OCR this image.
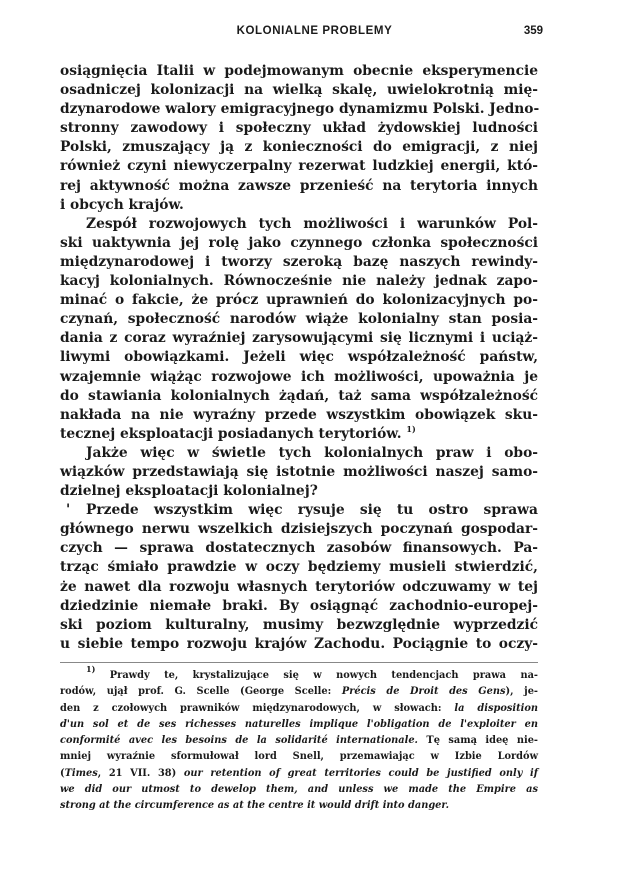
KOLONIALNE PROBLEMY	359
osiągnięcia Italii w podejmowanym obecnie eksperymencie
osadniczej kolonizacji na wielką skalę, uwielokrotnią mię-
dzynarodowe walory emigracyjnego dynamizmu Polski. Jedno-
stronny zawodowy i społeczny układ żydowskiej ludności
Polski, zmuszający ją z konieczności do emigracji, z niej
również czyni niewyczerpalny rezerwat ludzkiej energii, któ-
rej aktywność można zawsze przenieść na terytoria innych
i obcych krajów.
Zespół rozwojowych tych możliwości i warunków Pol-
ski uaktywnia jej rolę jako czynnego członka społeczności
międzynarodowej i tworzy szeroką bazę naszych rewindy-
kacyj kolonialnych. Równocześnie nie należy jednak zapo-
minać o fakcie, że prócz uprawnień do kolonizacyjnych po-
czynań, społeczność narodów wiąże kolonialny stan posia-
dania z coraz wyraźniej zarysowującymi się licznymi i uciąż-
liwymi obowiązkami. Jeżeli więc współzależność państw,
wzajemnie wiążąc rozwojowe ich możliwości, upoważnia je
do stawiania kolonialnych żądań, taż sama współzależność
nakłada na nie wyraźny przede wszystkim obowiązek sku-
tecznej eksploatacji posiadanych terytoriów. $^{1)}$
Jakże więc w świetle tych kolonialnych praw i obo-
wiązków przedstawiają się istotnie możliwości naszej samo-
dzielnej eksploatacji kolonialnej?
' Przede wszystkim więc rysuje się tu ostro sprawa
głównego nerwu wszelkich dzisiejszych poczynań gospodar-
czych — sprawa dostatecznych zasobów finansowych. Pa-
trząc śmiało prawdzie w oczy będziemy musieli stwierdzić,
że nawet dla rozwoju własnych terytoriów odczuwamy w tej
dziedzinie niemałe braki. By osiągnąć zachodnio-europej-
ski poziom kulturalny, musimy bezwzględnie wyprzedzić
u siebie tempo rozwoju krajów Zachodu. Pociągnie to oczy-
$^{1)}$ Prawdy te, krystalizujące się w nowych tendencjach prawa na-
rodów, ujął prof. G. Scelle (George Scelle: Précis de Droit des Gens), je-
den z czołowych prawników międzynarodowych, w słowach: la disposition
d'un sol et de ses richesses naturelles implique l'obligation de l'exploiter en
conformité avec les besoins de la solidarité internationale. Tę samą ideę nie-
mniej wyraźnie sformułował lord Snell, przemawiając w Izbie Lordów
(Times, 21 VII. 38) our retention of great territories could be justified only if
we did our utmost to dewelop them, and unless we made the Empire as
strong at the circumference as at the centre it would drift into danger.
